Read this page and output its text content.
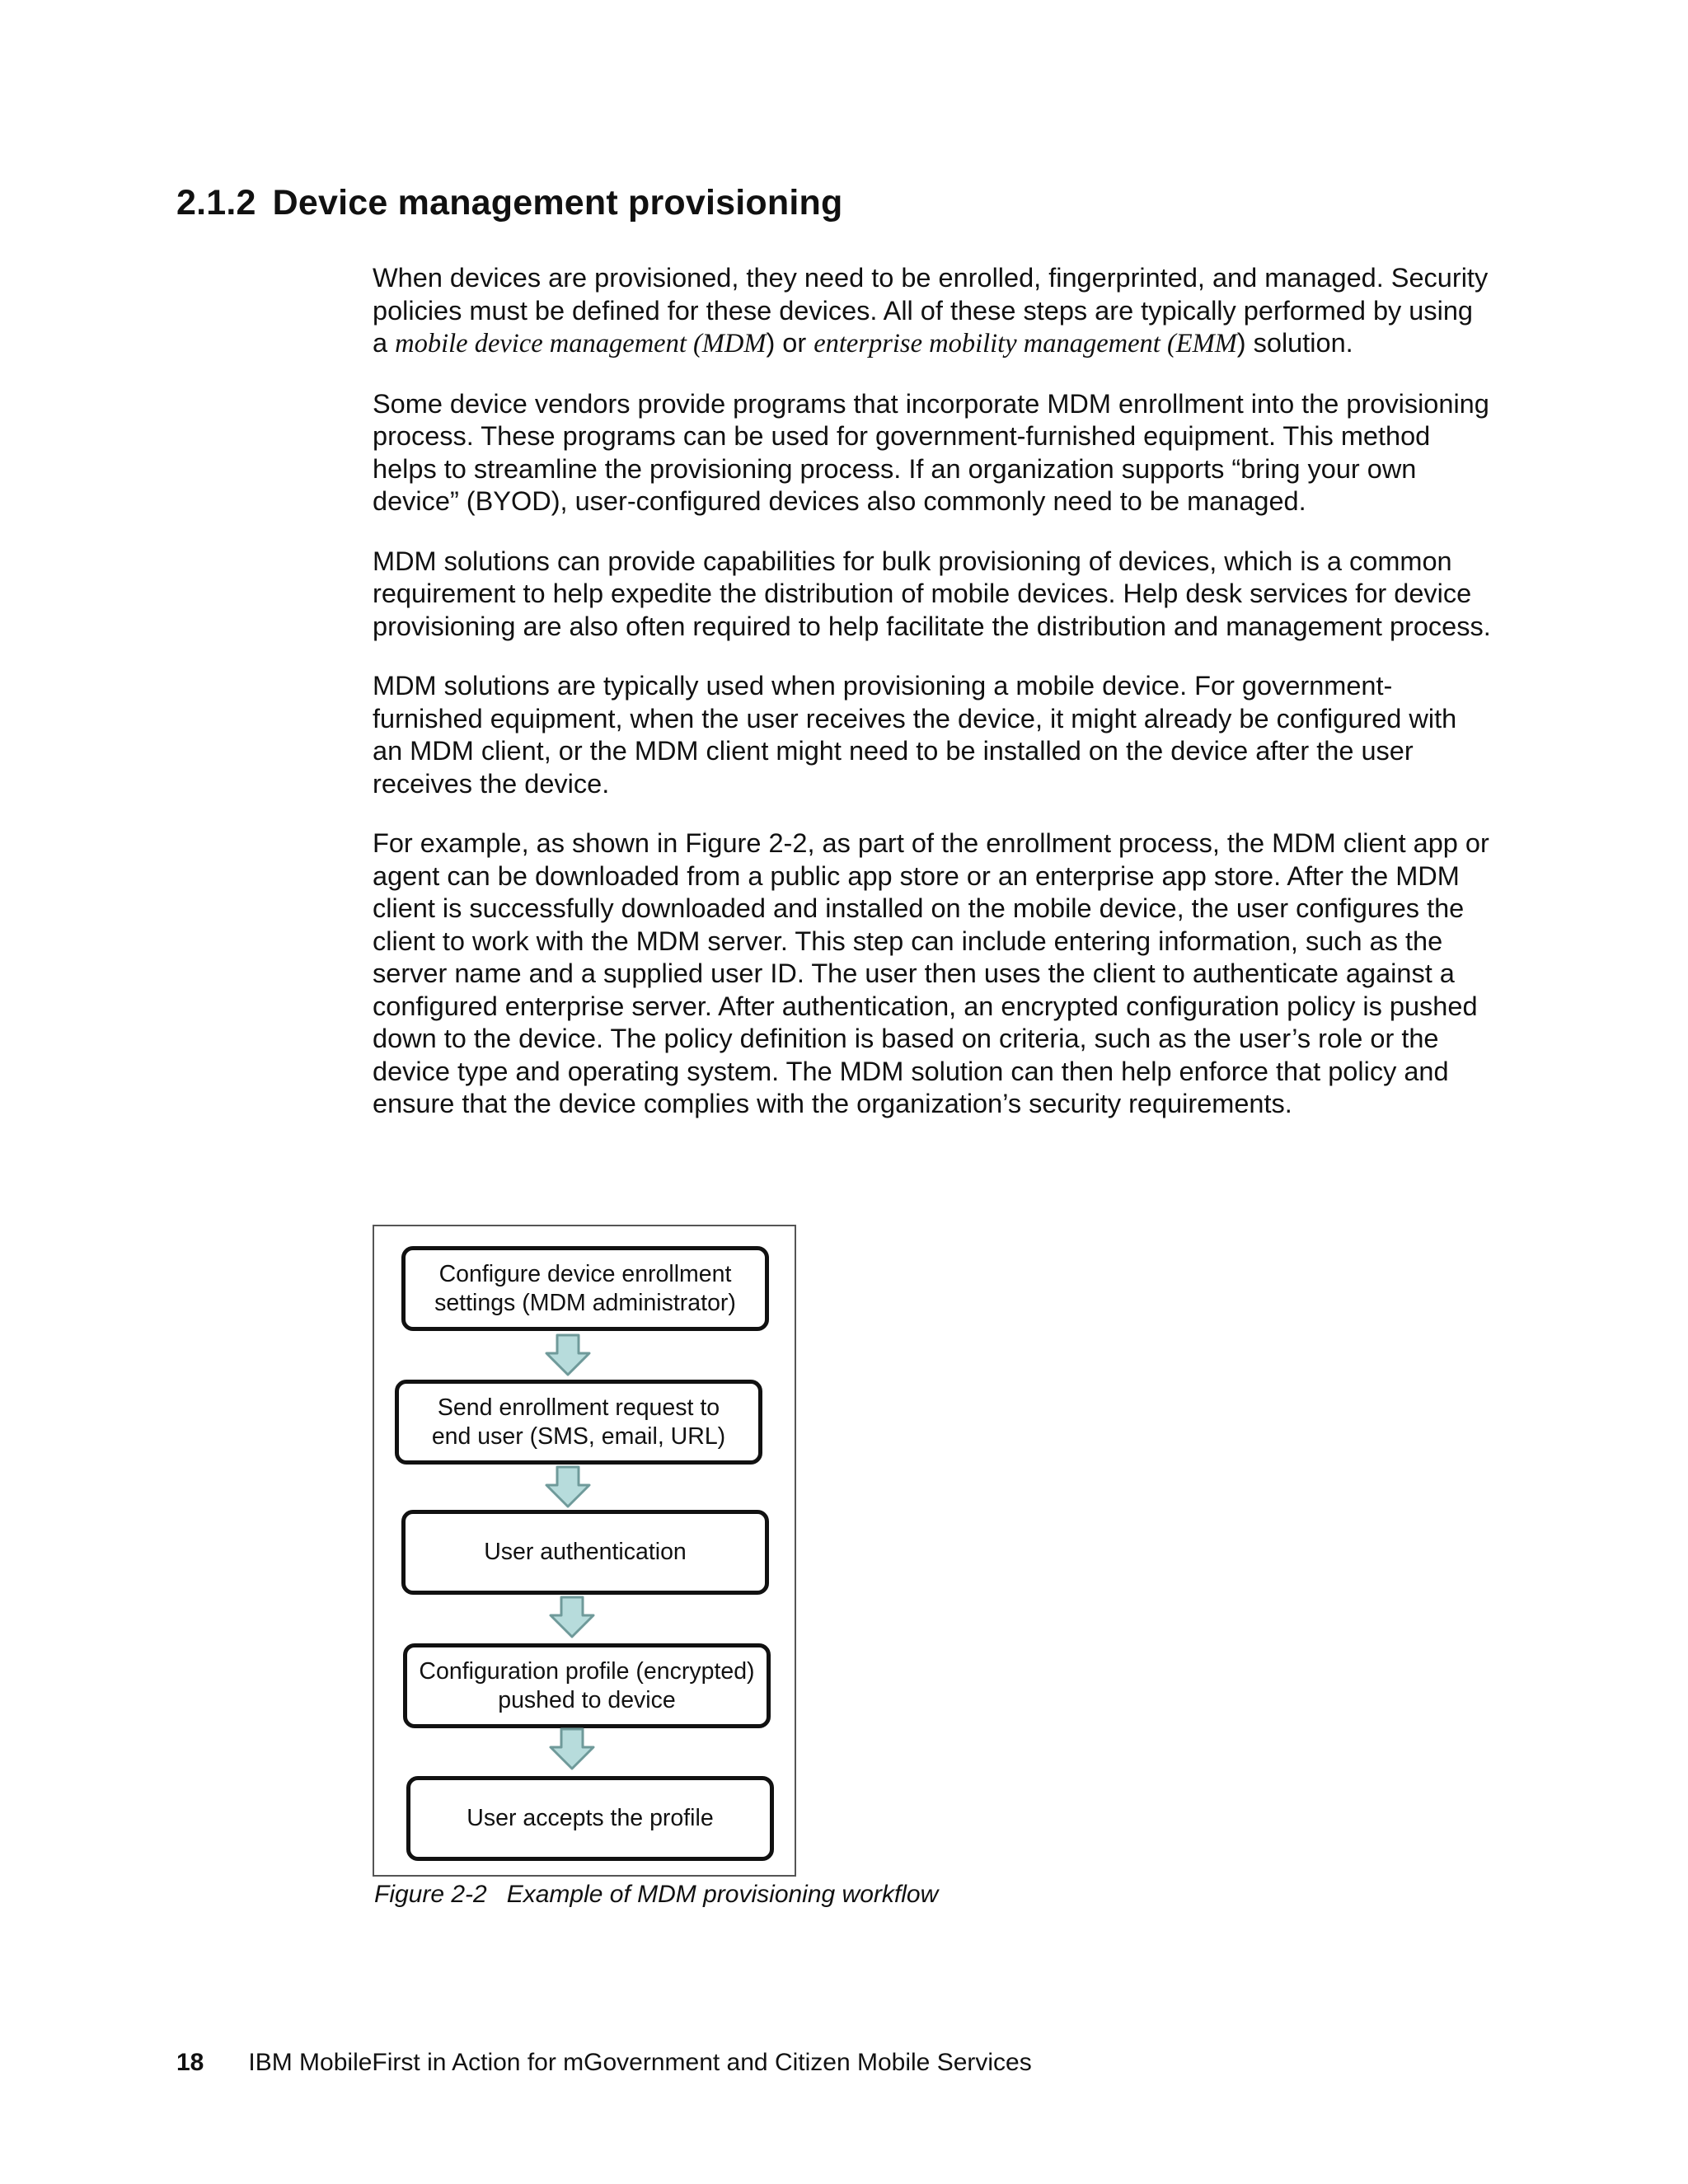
2.1.2 Device management provisioning

When devices are provisioned, they need to be enrolled, fingerprinted, and managed. Security policies must be defined for these devices. All of these steps are typically performed by using a mobile device management (MDM) or enterprise mobility management (EMM) solution.

Some device vendors provide programs that incorporate MDM enrollment into the provisioning process. These programs can be used for government-furnished equipment. This method helps to streamline the provisioning process. If an organization supports “bring your own device” (BYOD), user-configured devices also commonly need to be managed.

MDM solutions can provide capabilities for bulk provisioning of devices, which is a common requirement to help expedite the distribution of mobile devices. Help desk services for device provisioning are also often required to help facilitate the distribution and management process.

MDM solutions are typically used when provisioning a mobile device. For government-furnished equipment, when the user receives the device, it might already be configured with an MDM client, or the MDM client might need to be installed on the device after the user receives the device.

For example, as shown in Figure 2-2, as part of the enrollment process, the MDM client app or agent can be downloaded from a public app store or an enterprise app store. After the MDM client is successfully downloaded and installed on the mobile device, the user configures the client to work with the MDM server. This step can include entering information, such as the server name and a supplied user ID. The user then uses the client to authenticate against a configured enterprise server. After authentication, an encrypted configuration policy is pushed down to the device. The policy definition is based on criteria, such as the user’s role or the device type and operating system. The MDM solution can then help enforce that policy and ensure that the device complies with the organization’s security requirements.

Configure device enrollment
settings (MDM administrator)
Send enrollment request to
end user (SMS, email, URL)
User authentication
Configuration profile (encrypted)
pushed to device
User accepts the profile
Figure 2-2 Example of MDM provisioning workflow
18 IBM MobileFirst in Action for mGovernment and Citizen Mobile Services
